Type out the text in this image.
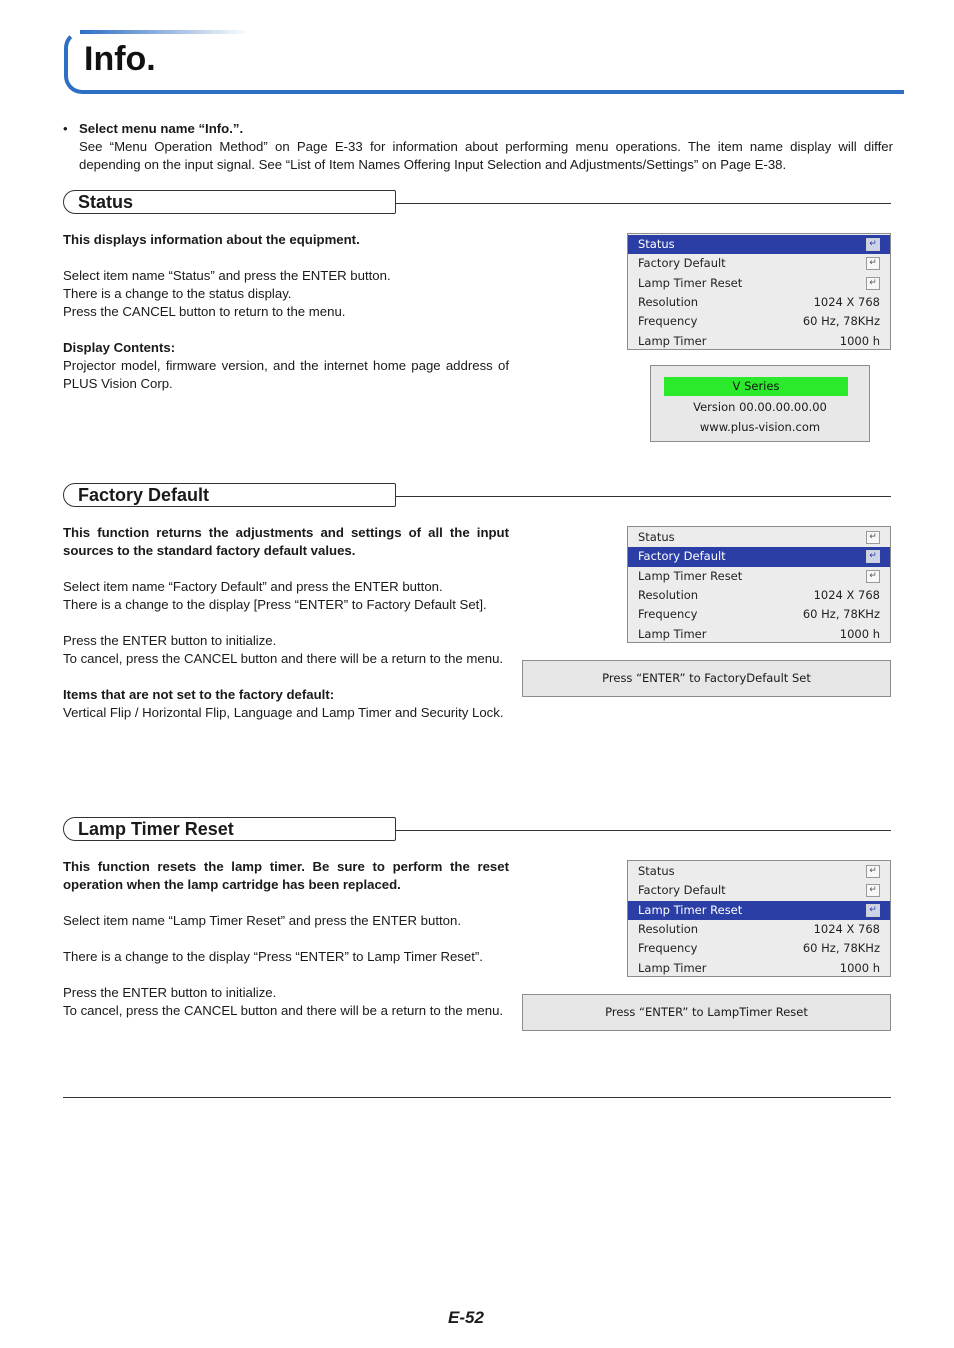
Info.
• Select menu name “Info.”.
See “Menu Operation Method” on Page E-33 for information about performing menu operations. The item name display will differ depending on the input signal. See “List of Item Names Offering Input Selection and Adjustments/Settings” on Page E-38.
Status

This displays information about the equipment.

Select item name “Status” and press the ENTER button.

There is a change to the status display.

Press the CANCEL button to return to the menu.

Display Contents:

Projector model, firmware version, and the internet home page address of PLUS Vision Corp.

Status	↵
Factory Default	↵
Lamp Timer Reset	↵
Resolution	1024 X 768
Frequency	60 Hz, 78KHz
Lamp Timer	1000 h
V Series
Version 00.00.00.00.00
www.plus-vision.com
Factory Default

This function returns the adjustments and settings of all the input sources to the standard factory default values.

Select item name “Factory Default” and press the ENTER button.

There is a change to the display [Press “ENTER” to Factory Default Set].

Press the ENTER button to initialize.

To cancel, press the CANCEL button and there will be a return to the menu.

Items that are not set to the factory default:

Vertical Flip / Horizontal Flip, Language and Lamp Timer and Security Lock.

Status	↵
Factory Default	↵
Lamp Timer Reset	↵
Resolution	1024 X 768
Frequency	60 Hz, 78KHz
Lamp Timer	1000 h
Press “ENTER” to FactoryDefault Set
Lamp Timer Reset

This function resets the lamp timer. Be sure to perform the reset operation when the lamp cartridge has been replaced.

Select item name “Lamp Timer Reset” and press the ENTER button.

There is a change to the display “Press “ENTER” to Lamp Timer Reset”.

Press the ENTER button to initialize.

To cancel, press the CANCEL button and there will be a return to the menu.

Status	↵
Factory Default	↵
Lamp Timer Reset	↵
Resolution	1024 X 768
Frequency	60 Hz, 78KHz
Lamp Timer	1000 h
Press “ENTER” to LampTimer Reset
E-52
